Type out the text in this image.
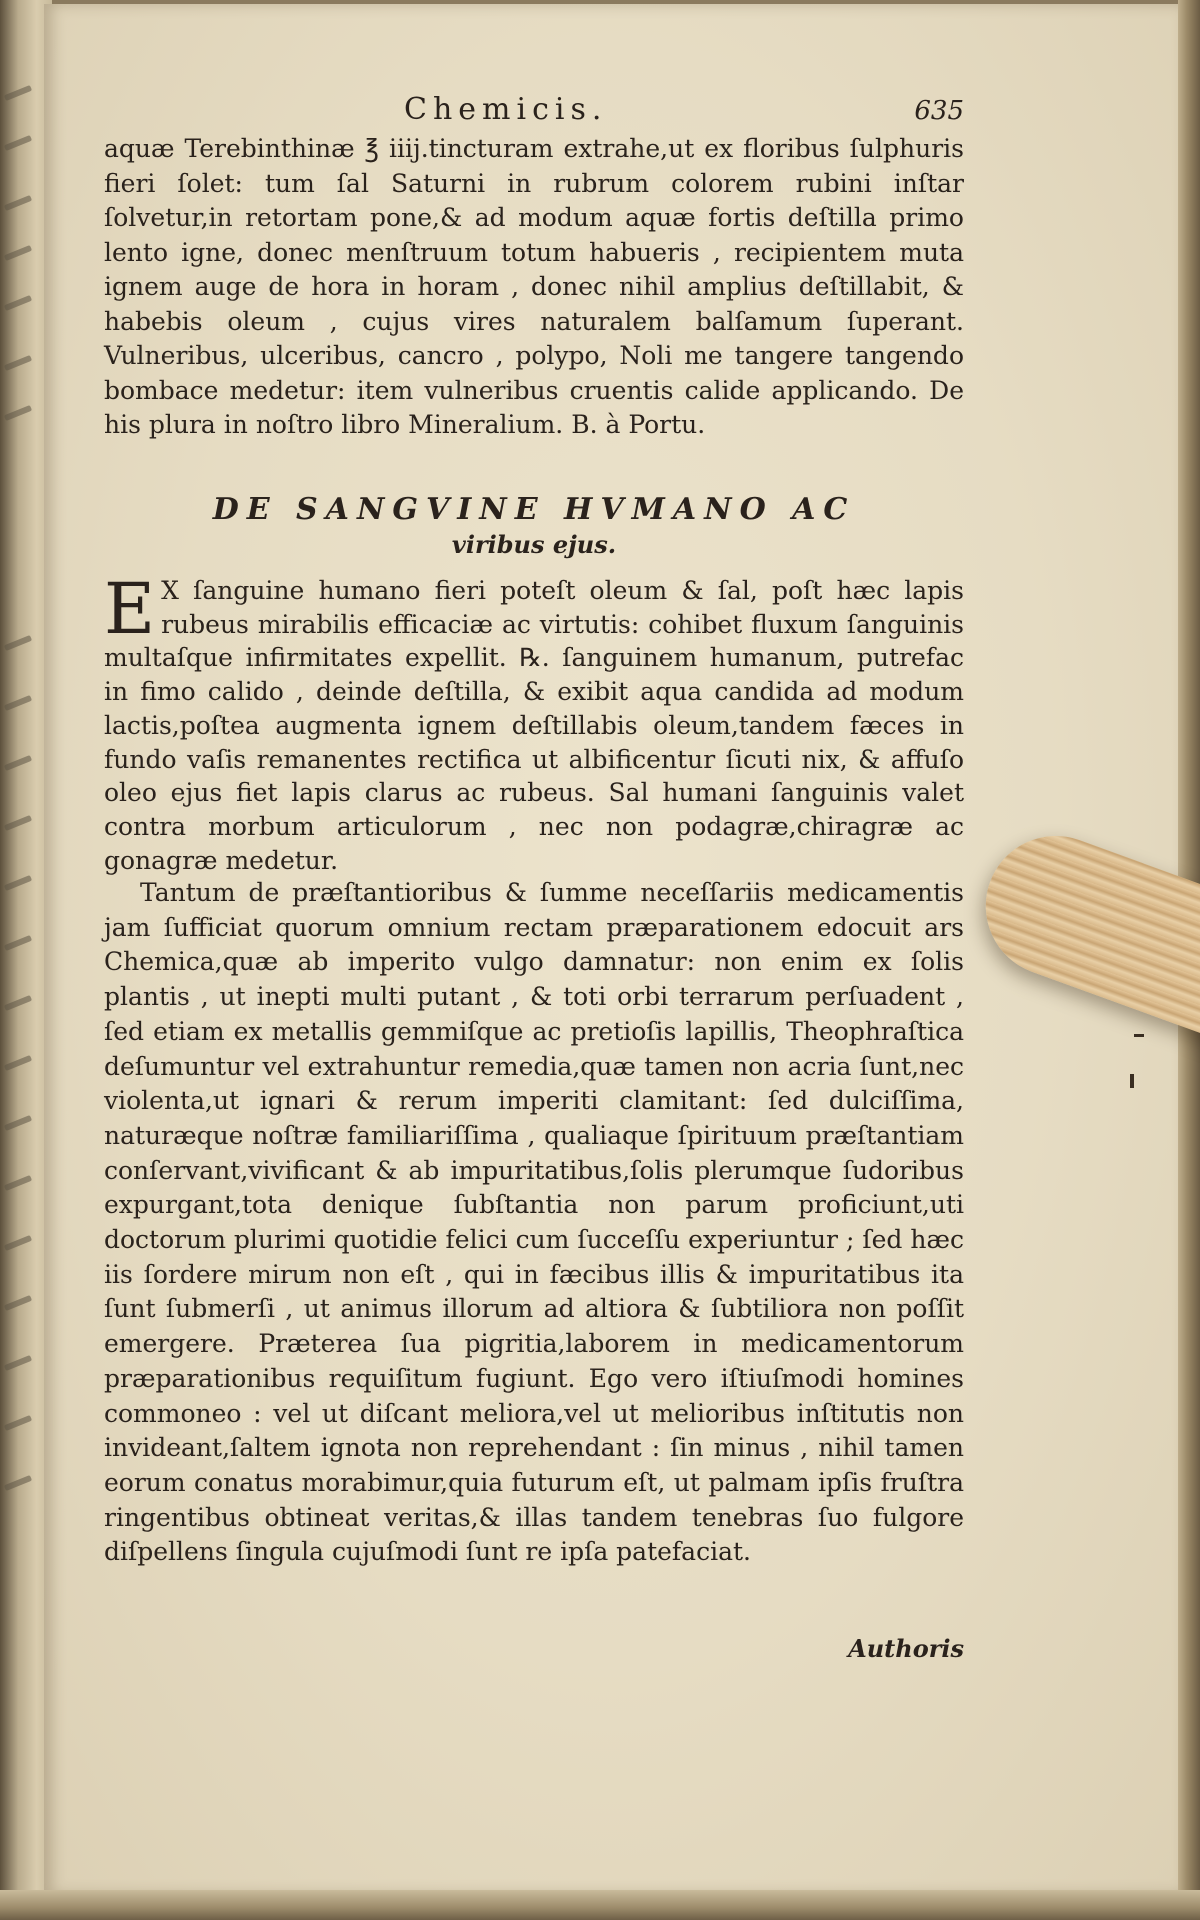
Chemicis.	635

aquæ Terebinthinæ ℥ iiij.tincturam extrahe,ut ex floribus ſulphuris fieri ſolet: tum ſal Saturni in rubrum colorem rubini inſtar ſolvetur,in retortam pone,& ad modum aquæ fortis deſtilla primo lento igne, donec menſtruum totum habueris , recipientem muta ignem auge de hora in horam , donec nihil amplius deſtillabit, & habebis oleum , cujus vires naturalem balſamum ſuperant. Vulneribus, ulceribus, cancro , polypo, Noli me tangere tangendo bombace medetur: item vulneribus cruentis calide applicando. De his plura in noſtro libro Mineralium. B. à Portu.

DE SANGVINE HVMANO AC
viribus ejus.
E X ſanguine humano fieri poteſt oleum & ſal, poſt hæc lapis rubeus mirabilis efficaciæ ac virtutis: cohibet fluxum ſanguinis multaſque infirmitates expellit. ℞. ſanguinem humanum, putrefac in fimo calido , deinde deſtilla, & exibit aqua candida ad modum lactis,poſtea augmenta ignem deſtillabis oleum,tandem fæces in fundo vaſis remanentes rectifica ut albificentur ſicuti nix, & affuſo oleo ejus fiet lapis clarus ac rubeus. Sal humani ſanguinis valet contra morbum articulorum , nec non podagræ,chiragræ ac gonagræ medetur.

Tantum de præſtantioribus & ſumme neceſſariis medicamentis jam ſufficiat quorum omnium rectam præparationem edocuit ars Chemica,quæ ab imperito vulgo damnatur: non enim ex ſolis plantis , ut inepti multi putant , & toti orbi terrarum perſuadent , ſed etiam ex metallis gemmiſque ac pretioſis lapillis, Theophraſtica deſumuntur vel extrahuntur remedia,quæ tamen non acria ſunt,nec violenta,ut ignari & rerum imperiti clamitant: ſed dulciſſima, naturæque noſtræ familiariſſima , qualiaque ſpirituum præſtantiam conſervant,vivificant & ab impuritatibus,ſolis plerumque ſudoribus expurgant,tota denique ſubſtantia non parum proficiunt,uti doctorum plurimi quotidie felici cum ſucceſſu experiuntur ; ſed hæc iis ſordere mirum non eſt , qui in fæcibus illis & impuritatibus ita ſunt ſubmerſi , ut animus illorum ad altiora & ſubtiliora non poſſit emergere. Præterea ſua pigritia,laborem in medicamentorum præparationibus requiſitum fugiunt. Ego vero iſtiuſmodi homines commoneo : vel ut diſcant meliora,vel ut melioribus inſtitutis non invideant,ſaltem ignota non reprehendant : ſin minus , nihil tamen eorum conatus morabimur,quia futurum eſt, ut palmam ipſis fruſtra ringentibus obtineat veritas,& illas tandem tenebras ſuo fulgore diſpellens ſingula cujuſmodi ſunt re ipſa patefaciat.

Authoris
